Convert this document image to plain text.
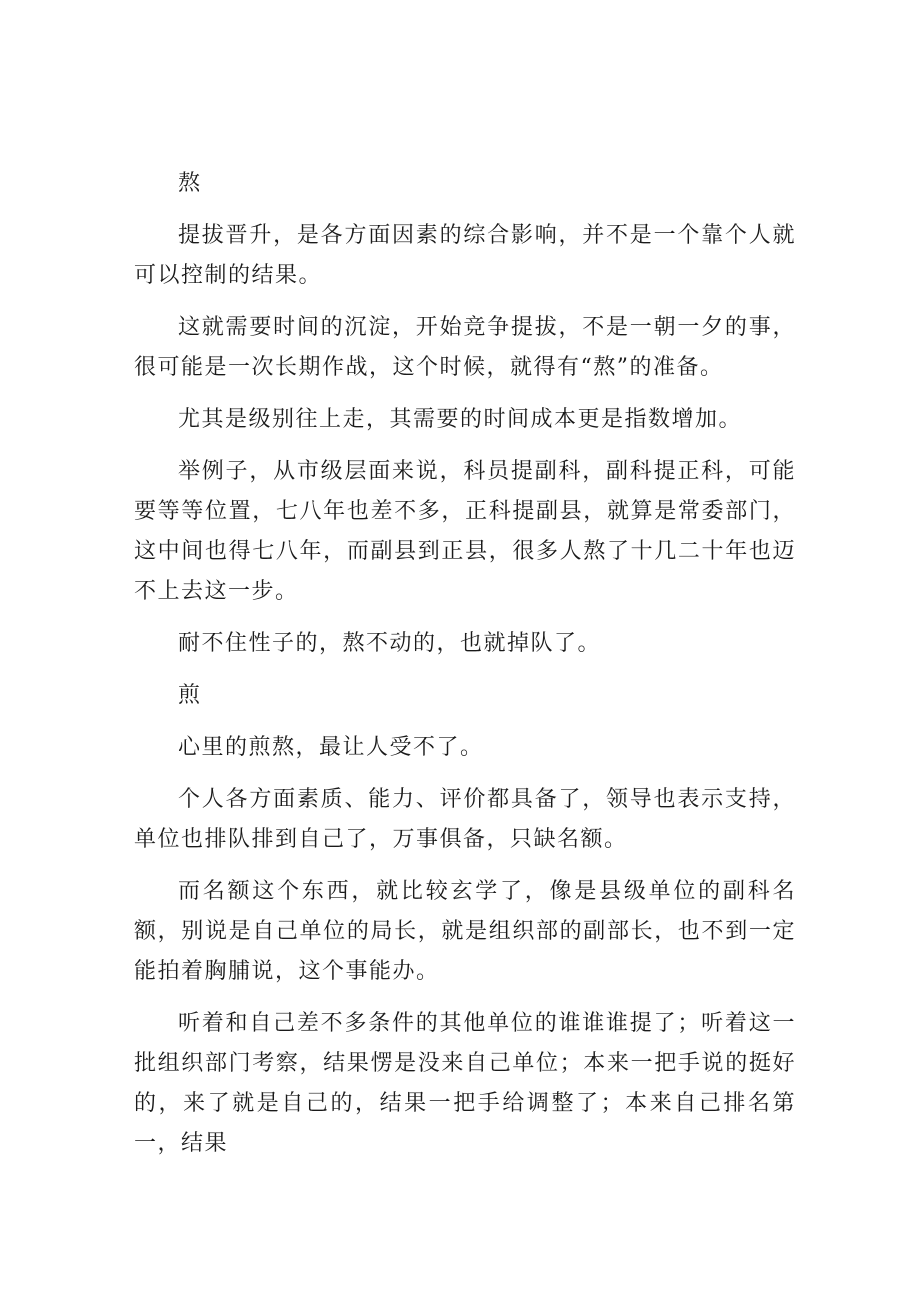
熬

提拔晋升，是各方面因素的综合影响，并不是一个靠个人就可以控制的结果。

这就需要时间的沉淀，开始竞争提拔，不是一朝一夕的事，很可能是一次长期作战，这个时候，就得有“熬”的准备。

尤其是级别往上走，其需要的时间成本更是指数增加。

举例子，从市级层面来说，科员提副科，副科提正科，可能要等等位置，七八年也差不多，正科提副县，就算是常委部门，这中间也得七八年，而副县到正县，很多人熬了十几二十年也迈不上去这一步。

耐不住性子的，熬不动的，也就掉队了。

煎

心里的煎熬，最让人受不了。

个人各方面素质、能力、评价都具备了，领导也表示支持，单位也排队排到自己了，万事俱备，只缺名额。

而名额这个东西，就比较玄学了，像是县级单位的副科名额，别说是自己单位的局长，就是组织部的副部长，也不到一定能拍着胸脯说，这个事能办。

听着和自己差不多条件的其他单位的谁谁谁提了；听着这一批组织部门考察，结果愣是没来自己单位；本来一把手说的挺好的，来了就是自己的，结果一把手给调整了；本来自己排名第一，结果
